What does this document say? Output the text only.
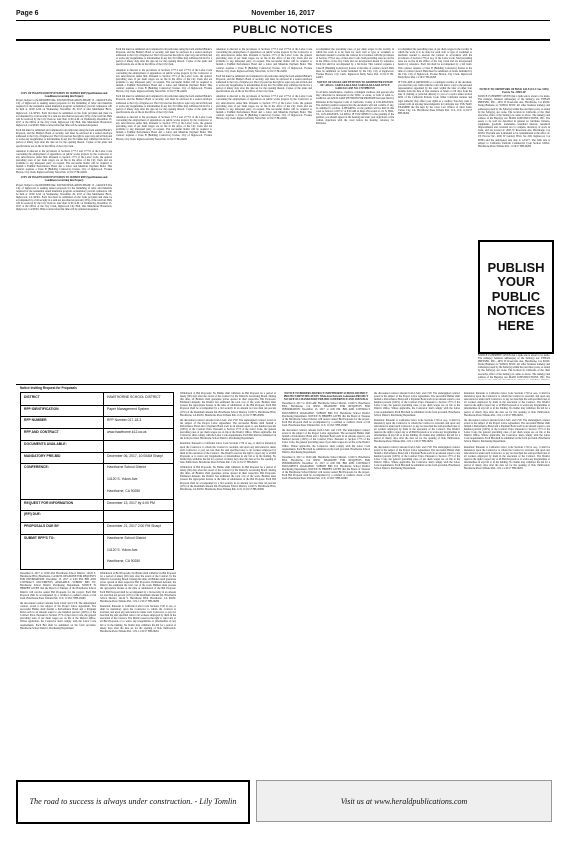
Page 6	November 16, 2017
PUBLIC NOTICES

CITY OF INGLEWOOD INVITATION TO SUBMIT RFP (Specifications and Conditions Governing this Project)

Project Subject to the RESIDENTIAL SOUND INSULATION PHASE 15 - GROUP 8 The City of Inglewood is seeking sealed proposals for the furnishing of labor and materials required for the residential sound insulation program. A mandatory pre-bid conference will be held at 10:00 A.M. on Wednesday, November 29, 2017 at One Manchester Blvd., Inglewood, CA 90301. Each bid must be submitted on the form provided and must be accompanied by a bid security in a sum not less than ten percent (10%) of the total bid. Bids will be received by the City Clerk no later than 11:00 A.M. on Wednesday, December 13, 2017 at the Office of the City Clerk, Inglewood City Hall, One Manchester Boulevard, Inglewood, CA 90301. Bids received after that time will be returned unopened.

Each bid must be submitted and completed in all particulars using the form entitled Bidder's Proposal, and the Bidder's Bond or security, and must be enclosed in a sealed envelope addressed to the City of Inglewood. The City reserves the right to reject any and all bids and to waive any irregularities or informalities in any bid. No bidder may withdraw his bid for a period of ninety days after the date set for the opening thereof. Copies of the plans and specifications are on file in the Office of the City Clerk.

Attention is directed to the provisions of Sections 1777.5 and 1777.6 of the Labor Code concerning the employment of apprentices on public works projects by the Contractor or any subcontractor under him. Pursuant to Section 1773 of the Labor Code, the general prevailing rates of per diem wages are on file in the office of the City Clerk and are available to any interested party on request. The successful bidder will be required to furnish a Faithful Performance Bond and a Labor and Materials Payment Bond. This contract requires a Class B (Building Contractor) license. City of Inglewood. Yvonne Horton, City Clerk. Inglewood Daily News Pub. 11/16/17 HI-24294

CITY OF INGLEWOOD INVITATION TO SUBMIT RFP (Specifications and Conditions Governing this Project)

Project Subject to the RESIDENTIAL SOUND INSULATION PHASE 15 - GROUP 8 The City of Inglewood is seeking sealed proposals for the furnishing of labor and materials required for the residential sound insulation program. A mandatory pre-bid conference will be held at 10:00 A.M. on Wednesday, November 29, 2017 at One Manchester Blvd., Inglewood, CA 90301. Each bid must be submitted on the form provided and must be accompanied by a bid security in a sum not less than ten percent (10%) of the total bid. Bids will be received by the City Clerk no later than 11:00 A.M. on Wednesday, December 13, 2017 at the Office of the City Clerk, Inglewood City Hall, One Manchester Boulevard, Inglewood, CA 90301. Bids received after that time will be returned unopened.

Each bid must be submitted and completed in all particulars using the form entitled Bidder's Proposal, and the Bidder's Bond or security, and must be enclosed in a sealed envelope addressed to the City of Inglewood. The City reserves the right to reject any and all bids and to waive any irregularities or informalities in any bid. No bidder may withdraw his bid for a period of ninety days after the date set for the opening thereof. Copies of the plans and specifications are on file in the Office of the City Clerk.

Attention is directed to the provisions of Sections 1777.5 and 1777.6 of the Labor Code concerning the employment of apprentices on public works projects by the Contractor or any subcontractor under him. Pursuant to Section 1773 of the Labor Code, the general prevailing rates of per diem wages are on file in the office of the City Clerk and are available to any interested party on request. The successful bidder will be required to furnish a Faithful Performance Bond and a Labor and Materials Payment Bond. This contract requires a Class B (Building Contractor) license. City of Inglewood. Yvonne Horton, City Clerk. Inglewood Daily News Pub. 11/16/17 HI-24294

Each bid must be submitted and completed in all particulars using the form entitled Bidder's Proposal, and the Bidder's Bond or security, and must be enclosed in a sealed envelope addressed to the City of Inglewood. The City reserves the right to reject any and all bids and to waive any irregularities or informalities in any bid. No bidder may withdraw his bid for a period of ninety days after the date set for the opening thereof. Copies of the plans and specifications are on file in the Office of the City Clerk.

Attention is directed to the provisions of Sections 1777.5 and 1777.6 of the Labor Code concerning the employment of apprentices on public works projects by the Contractor or any subcontractor under him. Pursuant to Section 1773 of the Labor Code, the general prevailing rates of per diem wages are on file in the office of the City Clerk and are available to any interested party on request. The successful bidder will be required to furnish a Faithful Performance Bond and a Labor and Materials Payment Bond. This contract requires a Class B (Building Contractor) license. City of Inglewood. Yvonne Horton, City Clerk. Inglewood Daily News Pub. 11/16/17 HI-24294

Attention is directed to the provisions of Sections 1777.5 and 1777.6 of the Labor Code concerning the employment of apprentices on public works projects by the Contractor or any subcontractor under him. Pursuant to Section 1773 of the Labor Code, the general prevailing rates of per diem wages are on file in the office of the City Clerk and are available to any interested party on request. The successful bidder will be required to furnish a Faithful Performance Bond and a Labor and Materials Payment Bond. This contract requires a Class B (Building Contractor) license. City of Inglewood. Yvonne Horton, City Clerk. Inglewood Daily News Pub. 11/16/17 HI-24294

Each bid must be submitted and completed in all particulars using the form entitled Bidder's Proposal, and the Bidder's Bond or security, and must be enclosed in a sealed envelope addressed to the City of Inglewood. The City reserves the right to reject any and all bids and to waive any irregularities or informalities in any bid. No bidder may withdraw his bid for a period of ninety days after the date set for the opening thereof. Copies of the plans and specifications are on file in the Office of the City Clerk.

Attention is directed to the provisions of Sections 1777.5 and 1777.6 of the Labor Code concerning the employment of apprentices on public works projects by the Contractor or any subcontractor under him. Pursuant to Section 1773 of the Labor Code, the general prevailing rates of per diem wages are on file in the office of the City Clerk and are available to any interested party on request. The successful bidder will be required to furnish a Faithful Performance Bond and a Labor and Materials Payment Bond. This contract requires a Class B (Building Contractor) license. City of Inglewood. Yvonne Horton, City Clerk. Inglewood Daily News Pub. 11/16/17 HI-24294

accomplished the prevailing rates of per diem wages in the locality in which the work is to be done for each craft or type of workman or mechanic needed to execute the contract in accordance with the provisions of Section 1770 et seq. of the Labor Code. Said prevailing rates are on file in the Office of the City Clerk and are incorporated herein by reference. Each bid shall be accompanied by a bid bond. This contract requires a Class B (Building Contractor) license at the time of contract award. Bids must be submitted on forms furnished by the City. City of Inglewood, Yvonne Horton, City Clerk. Inglewood Daily News Pub. 11/16/17 HI-24293

NOTICE OF ANCILLARY PETITION TO ADMINISTER ESTATE OF: ADA G. GARCIA AKA ADA GARCIA AKA ADA JOYCE GARCIA CASE NO. 17STPB10729

To all heirs, beneficiaries, creditors, contingent creditors, and persons who may otherwise be interested in the WILL or estate, or both of ADA G. GARCIA. An ANCILLARY PETITION FOR PROBATE has been filed by Petitioner in the Superior Court of California, County of LOS ANGELES. The ancillary petition requests that the decedent's will and codicils, if any, be admitted to probate. A HEARING on the petition will be held in this court as follows: 12/07/17 at 8:30 AM in Dept. 29 located at 111 N. HILL ST., LOS ANGELES, CA 90012. IF YOU OBJECT to the granting of the petition, you should appear at the hearing and state your objections or file written objections with the court before the hearing. Attorney for Petitioner.

accomplished the prevailing rates of per diem wages in the locality in which the work is to be done for each craft or type of workman or mechanic needed to execute the contract in accordance with the provisions of Section 1770 et seq. of the Labor Code. Said prevailing rates are on file in the Office of the City Clerk and are incorporated herein by reference. Each bid shall be accompanied by a bid bond. This contract requires a Class B (Building Contractor) license at the time of contract award. Bids must be submitted on forms furnished by the City. City of Inglewood, Yvonne Horton, City Clerk. Inglewood Daily News Pub. 11/16/17 HI-24293

IF YOU ARE A CREDITOR or a contingent creditor of the decedent, you must file your claim with the court and mail a copy to the personal representative appointed by the court within the later of either four months from the date of first issuance of letters or 60 days from the date of mailing or personal delivery to you of a notice under section 9052 of the California Probate Code. Other California statutes and legal authority may affect your rights as a creditor. You may want to consult with an attorney knowledgeable in California law. YOU MAY EXAMINE the file kept by the court. Law Offices of Janet Lund, Culver City, CA. Hawthorne Press Tribune Pub. 11/2, 11/9, 11/16/17 HH-26294

NOTICE TO CREDITORS OF BULK SALE (UCC Sec. 6105) Escrow No. 22801-JP

NOTICE IS HEREBY GIVEN that a bulk sale is about to be made. The name(s), business address(es) of the Seller(s) are: ETHAN PRESSER, INC., 4955 W Rosecrans Ave, Hawthorne, CA 90250. Doing Business as: WINGS SPOT. All other business name(s) and address(es) used by the Seller(s) within the past three years, as stated by the Seller(s), are: none. The location in California of the chief executive office of the Seller(s) is: same as above. The name(s) and address of the Buyer(s) are: MADI CONSTRUCTIONS, INC. The assets to be sold are described in general as: furniture, fixtures, equipment, goodwill, tradename, leasehold interest, leasehold improvements and covenant not to compete, inventory of stock in trade, and are located at: 4955 W Rosecrans Ave, Hawthorne, CA 90250. The bulk sale is intended to be consummated at the office of: US Escrow Inc, 4100 W Century Blvd, Ste 200, Inglewood, CA 90303 and the anticipated sale date is 12/4/17. The bulk sale is subject to California Uniform Commercial Code Section 6106.2. Hawthorne Press Tribune Pub. 11/16/17 HH-26295

PUBLISH
YOUR
PUBLIC
NOTICES
HERE

NOTICE IS HEREBY GIVEN that a bulk sale is about to be made. The name(s), business address(es) of the Seller(s) are: ETHAN PRESSER, INC., 4955 W Rosecrans Ave, Hawthorne, CA 90250. Doing Business as: WINGS SPOT. All other business name(s) and address(es) used by the Seller(s) within the past three years, as stated by the Seller(s), are: none. The location in California of the chief executive office of the Seller(s) is: same as above. The name(s) and address of the Buyer(s) are: MADI CONSTRUCTIONS, INC. The

Notice Inviting Request for Proposals
DISTRICT	HAWTHORNE SCHOOL DISTRICT
RFP IDENTIFICATION	Paper Management System
RFP NUMBER	RFP Number 017-18-3
RFP AND CONTRACT	www.hawthorne.k12.ca.us
DOCUMENTS AVAILABLE:
MANDATORY PRE-BID	December 06, 2017, 10:00AM Sharp!
CONFERENCE:	Hawthorne School District
14120 S. Yukon Ave.
Hawthorne, CA 90250
REQUEST FOR INFORMATION	December 13, 2017 by 4:00 PM
(RFI) DUE:
PROPOSALS DUE BY	December 21, 2017 2:00 PM Sharp!
SUBMIT RFP'S TO:	Hawthorne School District
14120 S. Yukon Ave.
Hawthorne, CA 90250

December 6, 2017 at 10:00 AM. Hawthorne School District, 14120 S. Hawthorne Blvd, Hawthorne, CA 90250. DEADLINE FOR REQUESTS FOR INFORMATION: December 13, 2017 at 4:00 PM. BID AND CONTRACT DOCUMENTS AVAILABLE. SUBMIT BID TO: Hawthorne School District Purchasing Department. NOTICE IS HEREBY GIVEN that the Board of Trustees of the Hawthorne School District will receive sealed Bid Proposals for the project. Each Bid Proposal shall be accompanied by a certified or cashier's check or bid bond. Hawthorne Press Tribune Pub. 11/9, 11/16/17 HH-26290

the discounted contract amount from LSAC and CVP. The undersigned contract award is the subject of the Project Labor Agreement. The successful Bidder shall furnish a Performance Bond and a Payment Bond each in an amount equal to one hundred percent (100%) of the Contract Price. Pursuant to Section 1773 of the Labor Code, the general prevailing rates of per diem wages are on file at the District Office. Where applicable, the Contractor shall comply with the Labor Code requirements. Each Bid shall be submitted on the form provided. Hawthorne School District, Purchasing Department.

Withdrawal of Bid Proposals: No Bidder shall withdraw its Bid Proposal for a period of ninety (90) days after the award of the Contract by the District's Governing Board. During this time, all Bidders shall guarantee prices quoted in their respective Bid Proposals. Estimated Amount: the District has estimated the total cost of the work. Bidders must possess the appropriate license at the time of submission of the Bid Proposal. Each Bid Proposal shall be accompanied by a bid security in an amount not less than ten percent (10%) of the maximum amount bid. Hawthorne School District, 14120 S. Hawthorne Blvd, Hawthorne, CA 90250. Hawthorne Press Tribune Pub. 11/9, 11/16/17 HH-26289

Retention: Pursuant to California Labor Code Sections 1720 et seq., it shall be mandatory upon the Contractor to whom the Contract is awarded, and upon any subcontractor under such Contractor, to pay not less than the said specified rates to all workers employed by them in the execution of the Contract. The District reserves the right to reject any or all Bid Proposals or to waive any irregularities or informalities in any bid or in the bidding. No bidder may withdraw his bid for a period of ninety days after the date set for the opening of bids. Publication: Hawthorne Press Tribune Pub. 11/9, 11/16/17 HH-26291

Withdrawal of Bid Proposals: No Bidder shall withdraw its Bid Proposal for a period of ninety (90) days after the award of the Contract by the District's Governing Board. During this time, all Bidders shall guarantee prices quoted in their respective Bid Proposals. Estimated Amount: the District has estimated the total cost of the work. Bidders must possess the appropriate license at the time of submission of the Bid Proposal. Each Bid Proposal shall be accompanied by a bid security in an amount not less than ten percent (10%) of the maximum amount bid. Hawthorne School District, 14120 S. Hawthorne Blvd, Hawthorne, CA 90250. Hawthorne Press Tribune Pub. 11/9, 11/16/17 HH-26289

the discounted contract amount from LSAC and CVP. The undersigned contract award is the subject of the Project Labor Agreement. The successful Bidder shall furnish a Performance Bond and a Payment Bond each in an amount equal to one hundred percent (100%) of the Contract Price. Pursuant to Section 1773 of the Labor Code, the general prevailing rates of per diem wages are on file at the District Office. Where applicable, the Contractor shall comply with the Labor Code requirements. Each Bid shall be submitted on the form provided. Hawthorne School District, Purchasing Department.

Retention: Pursuant to California Labor Code Sections 1720 et seq., it shall be mandatory upon the Contractor to whom the Contract is awarded, and upon any subcontractor under such Contractor, to pay not less than the said specified rates to all workers employed by them in the execution of the Contract. The District reserves the right to reject any or all Bid Proposals or to waive any irregularities or informalities in any bid or in the bidding. No bidder may withdraw his bid for a period of ninety days after the date set for the opening of bids. Publication: Hawthorne Press Tribune Pub. 11/9, 11/16/17 HH-26291

Withdrawal of Bid Proposals: No Bidder shall withdraw its Bid Proposal for a period of ninety (90) days after the award of the Contract by the District's Governing Board. During this time, all Bidders shall guarantee prices quoted in their respective Bid Proposals. Estimated Amount: the District has estimated the total cost of the work. Bidders must possess the appropriate license at the time of submission of the Bid Proposal. Each Bid Proposal shall be accompanied by a bid security in an amount not less than ten percent (10%) of the maximum amount bid. Hawthorne School District, 14120 S. Hawthorne Blvd, Hawthorne, CA 90250. Hawthorne Press Tribune Pub. 11/9, 11/16/17 HH-26289

NOTICE TO BIDDERS DISTRICT: HAWTHORNE SCHOOL DISTRICT PROJECT IDENTIFICATION: Wide Area Network Connection PROJECT NO: RFP-18-2 MANDATORY PRE-BID CONFERENCE AND JOB WALK

December 6, 2017 at 10:00 AM. Hawthorne School District, 14120 S. Hawthorne Blvd, Hawthorne, CA 90250. DEADLINE FOR REQUESTS FOR INFORMATION: December 13, 2017 at 4:00 PM. BID AND CONTRACT DOCUMENTS AVAILABLE. SUBMIT BID TO: Hawthorne School District Purchasing Department. NOTICE IS HEREBY GIVEN that the Board of Trustees of the Hawthorne School District will receive sealed Bid Proposals for the project. Each Bid Proposal shall be accompanied by a certified or cashier's check or bid bond. Hawthorne Press Tribune Pub. 11/9, 11/16/17 HH-26290

the discounted contract amount from LSAC and CVP. The undersigned contract award is the subject of the Project Labor Agreement. The successful Bidder shall furnish a Performance Bond and a Payment Bond each in an amount equal to one hundred percent (100%) of the Contract Price. Pursuant to Section 1773 of the Labor Code, the general prevailing rates of per diem wages are on file at the District Office. Where applicable, the Contractor shall comply with the Labor Code requirements. Each Bid shall be submitted on the form provided. Hawthorne School District, Purchasing Department.

December 6, 2017 at 10:00 AM. Hawthorne School District, 14120 S. Hawthorne Blvd, Hawthorne, CA 90250. DEADLINE FOR REQUESTS FOR INFORMATION: December 13, 2017 at 4:00 PM. BID AND CONTRACT DOCUMENTS AVAILABLE. SUBMIT BID TO: Hawthorne School District Purchasing Department. NOTICE IS HEREBY GIVEN that the Board of Trustees of the Hawthorne School District will receive sealed Bid Proposals for the project. Each Bid Proposal shall be accompanied by a certified or cashier's check or bid bond. Hawthorne Press Tribune Pub. 11/9, 11/16/17 HH-26290

the discounted contract amount from LSAC and CVP. The undersigned contract award is the subject of the Project Labor Agreement. The successful Bidder shall furnish a Performance Bond and a Payment Bond each in an amount equal to one hundred percent (100%) of the Contract Price. Pursuant to Section 1773 of the Labor Code, the general prevailing rates of per diem wages are on file at the District Office. Where applicable, the Contractor shall comply with the Labor Code requirements. Each Bid shall be submitted on the form provided. Hawthorne School District, Purchasing Department.

Retention: Pursuant to California Labor Code Sections 1720 et seq., it shall be mandatory upon the Contractor to whom the Contract is awarded, and upon any subcontractor under such Contractor, to pay not less than the said specified rates to all workers employed by them in the execution of the Contract. The District reserves the right to reject any or all Bid Proposals or to waive any irregularities or informalities in any bid or in the bidding. No bidder may withdraw his bid for a period of ninety days after the date set for the opening of bids. Publication: Hawthorne Press Tribune Pub. 11/9, 11/16/17 HH-26291

the discounted contract amount from LSAC and CVP. The undersigned contract award is the subject of the Project Labor Agreement. The successful Bidder shall furnish a Performance Bond and a Payment Bond each in an amount equal to one hundred percent (100%) of the Contract Price. Pursuant to Section 1773 of the Labor Code, the general prevailing rates of per diem wages are on file at the District Office. Where applicable, the Contractor shall comply with the Labor Code requirements. Each Bid shall be submitted on the form provided. Hawthorne School District, Purchasing Department.

Retention: Pursuant to California Labor Code Sections 1720 et seq., it shall be mandatory upon the Contractor to whom the Contract is awarded, and upon any subcontractor under such Contractor, to pay not less than the said specified rates to all workers employed by them in the execution of the Contract. The District reserves the right to reject any or all Bid Proposals or to waive any irregularities or informalities in any bid or in the bidding. No bidder may withdraw his bid for a period of ninety days after the date set for the opening of bids. Publication: Hawthorne Press Tribune Pub. 11/9, 11/16/17 HH-26291

the discounted contract amount from LSAC and CVP. The undersigned contract award is the subject of the Project Labor Agreement. The successful Bidder shall furnish a Performance Bond and a Payment Bond each in an amount equal to one hundred percent (100%) of the Contract Price. Pursuant to Section 1773 of the Labor Code, the general prevailing rates of per diem wages are on file at the District Office. Where applicable, the Contractor shall comply with the Labor Code requirements. Each Bid shall be submitted on the form provided. Hawthorne School District, Purchasing Department.

Retention: Pursuant to California Labor Code Sections 1720 et seq., it shall be mandatory upon the Contractor to whom the Contract is awarded, and upon any subcontractor under such Contractor, to pay not less than the said specified rates to all workers employed by them in the execution of the Contract. The District reserves the right to reject any or all Bid Proposals or to waive any irregularities or informalities in any bid or in the bidding. No bidder may withdraw his bid for a period of ninety days after the date set for the opening of bids. Publication: Hawthorne Press Tribune Pub. 11/9, 11/16/17 HH-26291

The road to success is always under construction. - Lily Tomlin	Visit us at www.heraldpublications.com
